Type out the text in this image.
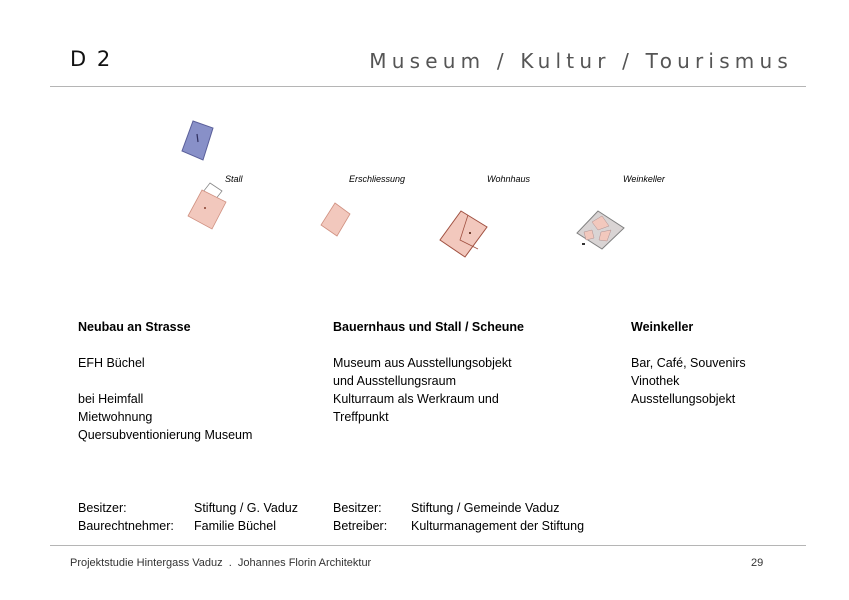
D 2	Museum / Kultur / Tourismus
Stall	Erschliessung	Wohnhaus	Weinkeller
Neubau an Strasse
EFH Büchel
bei Heimfall
Mietwohnung
Quersubventionierung Museum
Bauernhaus und Stall / Scheune
Museum aus Ausstellungsobjekt
und Ausstellungsraum
Kulturraum als Werkraum und
Treffpunkt
Weinkeller
Bar, Café, Souvenirs
Vinothek
Ausstellungsobjekt
Besitzer:	Stiftung / G. Vaduz
Baurechtnehmer: Familie Büchel
Besitzer: Stiftung / Gemeinde Vaduz
Betreiber: Kulturmanagement der Stiftung
Projektstudie Hintergass Vaduz  .  Johannes Florin Architektur	29
